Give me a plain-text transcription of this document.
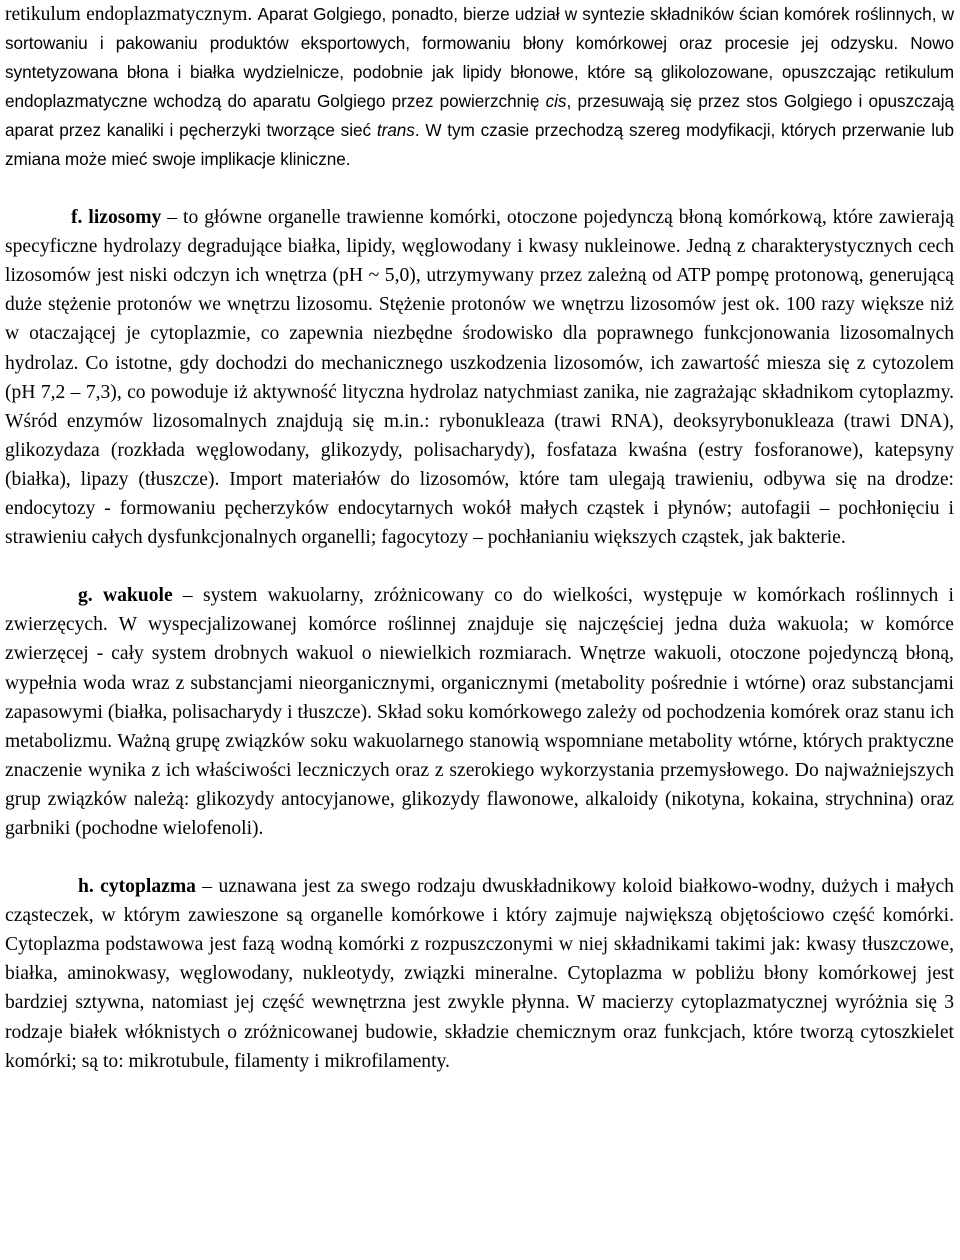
retikulum endoplazmatycznym. Aparat Golgiego, ponadto, bierze udział w syntezie składników ścian komórek roślinnych, w sortowaniu i pakowaniu produktów eksportowych, formowaniu błony komórkowej oraz procesie jej odzysku. Nowo syntetyzowana błona i białka wydzielnicze, podobnie jak lipidy błonowe, które są glikolozowane, opuszczając retikulum endoplazmatyczne wchodzą do aparatu Golgiego przez powierzchnię cis, przesuwają się przez stos Golgiego i opuszczają aparat przez kanaliki i pęcherzyki tworzące sieć trans. W tym czasie przechodzą szereg modyfikacji, których przerwanie lub zmiana może mieć swoje implikacje kliniczne.

f. lizosomy – to główne organelle trawienne komórki, otoczone pojedynczą błoną komórkową, które zawierają specyficzne hydrolazy degradujące białka, lipidy, węglowodany i kwasy nukleinowe. Jedną z charakterystycznych cech lizosomów jest niski odczyn ich wnętrza (pH ~ 5,0), utrzymywany przez zależną od ATP pompę protonową, generującą duże stężenie protonów we wnętrzu lizosomu. Stężenie protonów we wnętrzu lizosomów jest ok. 100 razy większe niż w otaczającej je cytoplazmie, co zapewnia niezbędne środowisko dla poprawnego funkcjonowania lizosomalnych hydrolaz. Co istotne, gdy dochodzi do mechanicznego uszkodzenia lizosomów, ich zawartość miesza się z cytozolem (pH 7,2 – 7,3), co powoduje iż aktywność lityczna hydrolaz natychmiast zanika, nie zagrażając składnikom cytoplazmy. Wśród enzymów lizosomalnych znajdują się m.in.: rybonukleaza (trawi RNA), deoksyrybonukleaza (trawi DNA), glikozydaza (rozkłada węglowodany, glikozydy, polisacharydy), fosfataza kwaśna (estry fosforanowe), katepsyny (białka), lipazy (tłuszcze). Import materiałów do lizosomów, które tam ulegają trawieniu, odbywa się na drodze: endocytozy - formowaniu pęcherzyków endocytarnych wokół małych cząstek i płynów; autofagii – pochłonięciu i strawieniu całych dysfunkcjonalnych organelli; fagocytozy – pochłanianiu większych cząstek, jak bakterie.

g. wakuole – system wakuolarny, zróżnicowany co do wielkości, występuje w komórkach roślinnych i zwierzęcych. W wyspecjalizowanej komórce roślinnej znajduje się najczęściej jedna duża wakuola; w komórce zwierzęcej - cały system drobnych wakuol o niewielkich rozmiarach. Wnętrze wakuoli, otoczone pojedynczą błoną, wypełnia woda wraz z substancjami nieorganicznymi, organicznymi (metabolity pośrednie i wtórne) oraz substancjami zapasowymi (białka, polisacharydy i tłuszcze). Skład soku komórkowego zależy od pochodzenia komórek oraz stanu ich metabolizmu. Ważną grupę związków soku wakuolarnego stanowią wspomniane metabolity wtórne, których praktyczne znaczenie wynika z ich właściwości leczniczych oraz z szerokiego wykorzystania przemysłowego. Do najważniejszych grup związków należą: glikozydy antocyjanowe, glikozydy flawonowe, alkaloidy (nikotyna, kokaina, strychnina) oraz garbniki (pochodne wielofenoli).

h. cytoplazma – uznawana jest za swego rodzaju dwuskładnikowy koloid białkowo-wodny, dużych i małych cząsteczek, w którym zawieszone są organelle komórkowe i który zajmuje największą objętościowo część komórki. Cytoplazma podstawowa jest fazą wodną komórki z rozpuszczonymi w niej składnikami takimi jak: kwasy tłuszczowe, białka, aminokwasy, węglowodany, nukleotydy, związki mineralne. Cytoplazma w pobliżu błony komórkowej jest bardziej sztywna, natomiast jej część wewnętrzna jest zwykle płynna. W macierzy cytoplazmatycznej wyróżnia się 3 rodzaje białek włóknistych o zróżnicowanej budowie, składzie chemicznym oraz funkcjach, które tworzą cytoszkielet komórki; są to: mikrotubule, filamenty i mikrofilamenty.
